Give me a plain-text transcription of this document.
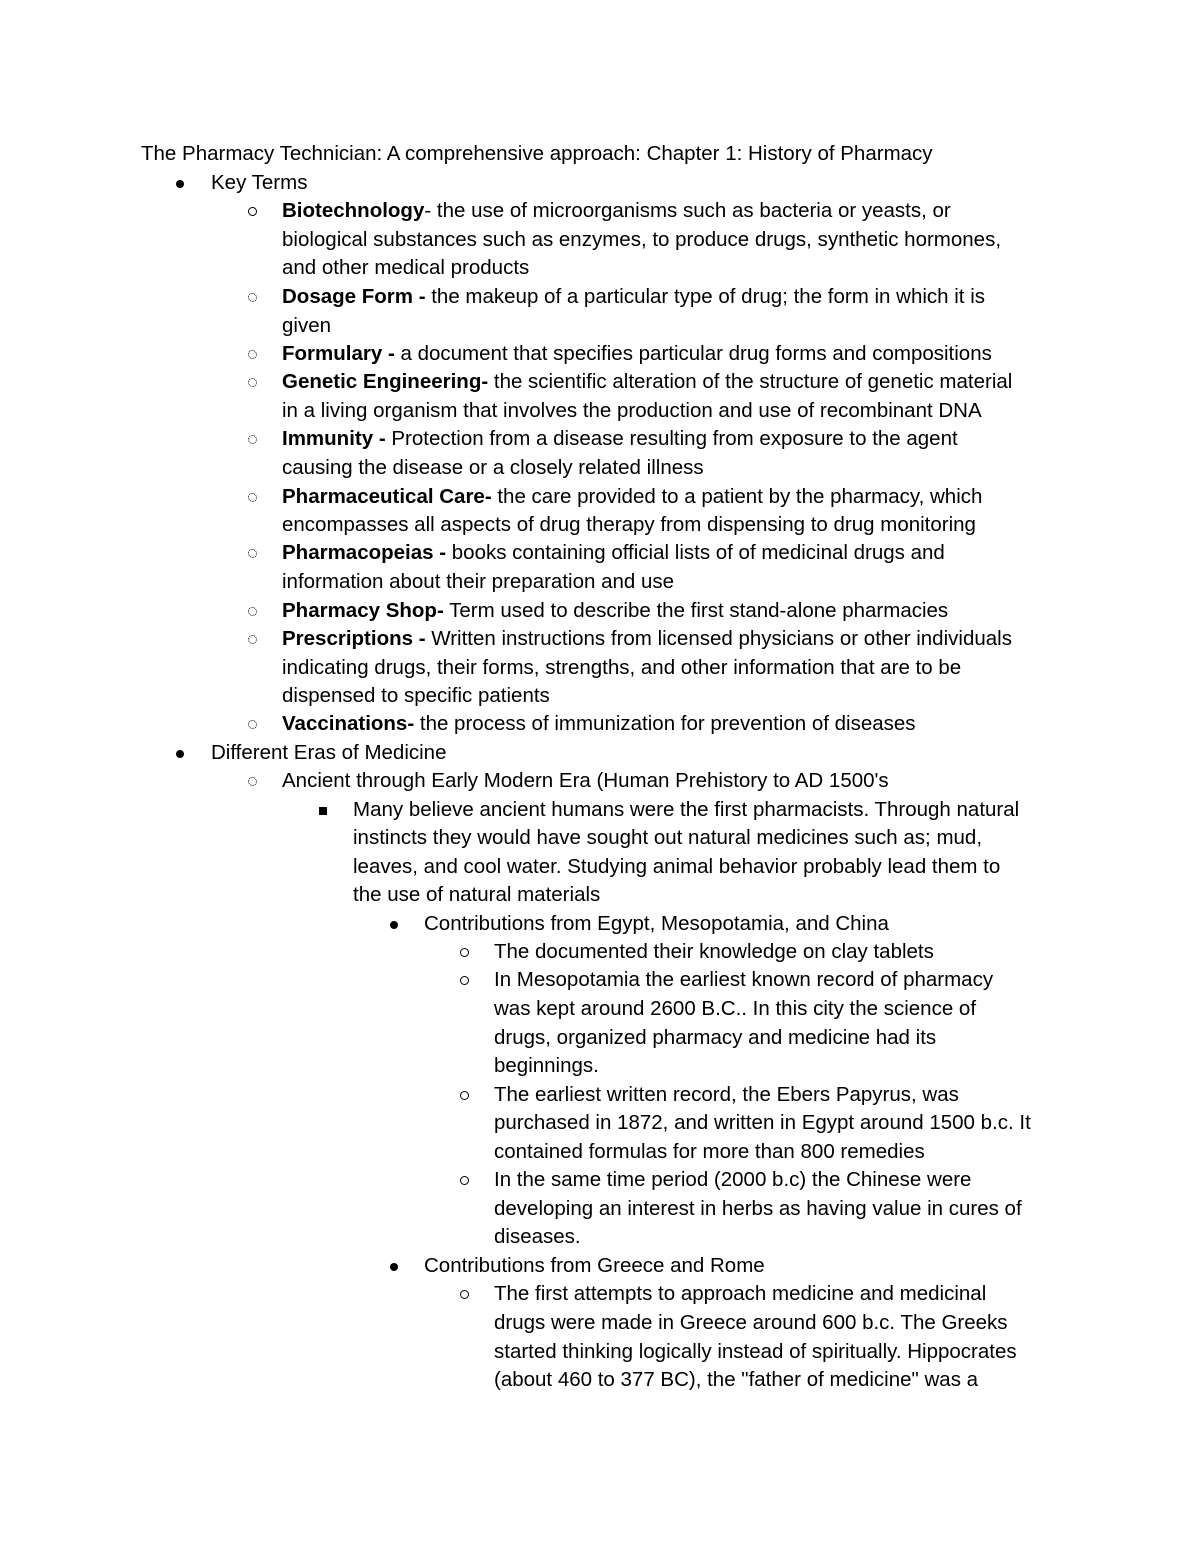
The Pharmacy Technician: A comprehensive approach: Chapter 1: History of Pharmacy
Key Terms
Biotechnology- the use of microorganisms such as bacteria or yeasts, or
biological substances such as enzymes, to produce drugs, synthetic hormones,
and other medical products
Dosage Form - the makeup of a particular type of drug; the form in which it is
given
Formulary - a document that specifies particular drug forms and compositions
Genetic Engineering- the scientific alteration of the structure of genetic material
in a living organism that involves the production and use of recombinant DNA
Immunity - Protection from a disease resulting from exposure to the agent
causing the disease or a closely related illness
Pharmaceutical Care- the care provided to a patient by the pharmacy, which
encompasses all aspects of drug therapy from dispensing to drug monitoring
Pharmacopeias - books containing official lists of of medicinal drugs and
information about their preparation and use
Pharmacy Shop- Term used to describe the first stand-alone pharmacies
Prescriptions - Written instructions from licensed physicians or other individuals
indicating drugs, their forms, strengths, and other information that are to be
dispensed to specific patients
Vaccinations- the process of immunization for prevention of diseases
Different Eras of Medicine
Ancient through Early Modern Era (Human Prehistory to AD 1500's
Many believe ancient humans were the first pharmacists. Through natural
instincts they would have sought out natural medicines such as; mud,
leaves, and cool water. Studying animal behavior probably lead them to
the use of natural materials
Contributions from Egypt, Mesopotamia, and China
The documented their knowledge on clay tablets
In Mesopotamia the earliest known record of pharmacy
was kept around 2600 B.C.. In this city the science of
drugs, organized pharmacy and medicine had its
beginnings.
The earliest written record, the Ebers Papyrus, was
purchased in 1872, and written in Egypt around 1500 b.c. It
contained formulas for more than 800 remedies
In the same time period (2000 b.c) the Chinese were
developing an interest in herbs as having value in cures of
diseases.
Contributions from Greece and Rome
The first attempts to approach medicine and medicinal
drugs were made in Greece around 600 b.c. The Greeks
started thinking logically instead of spiritually. Hippocrates
(about 460 to 377 BC), the "father of medicine" was a
